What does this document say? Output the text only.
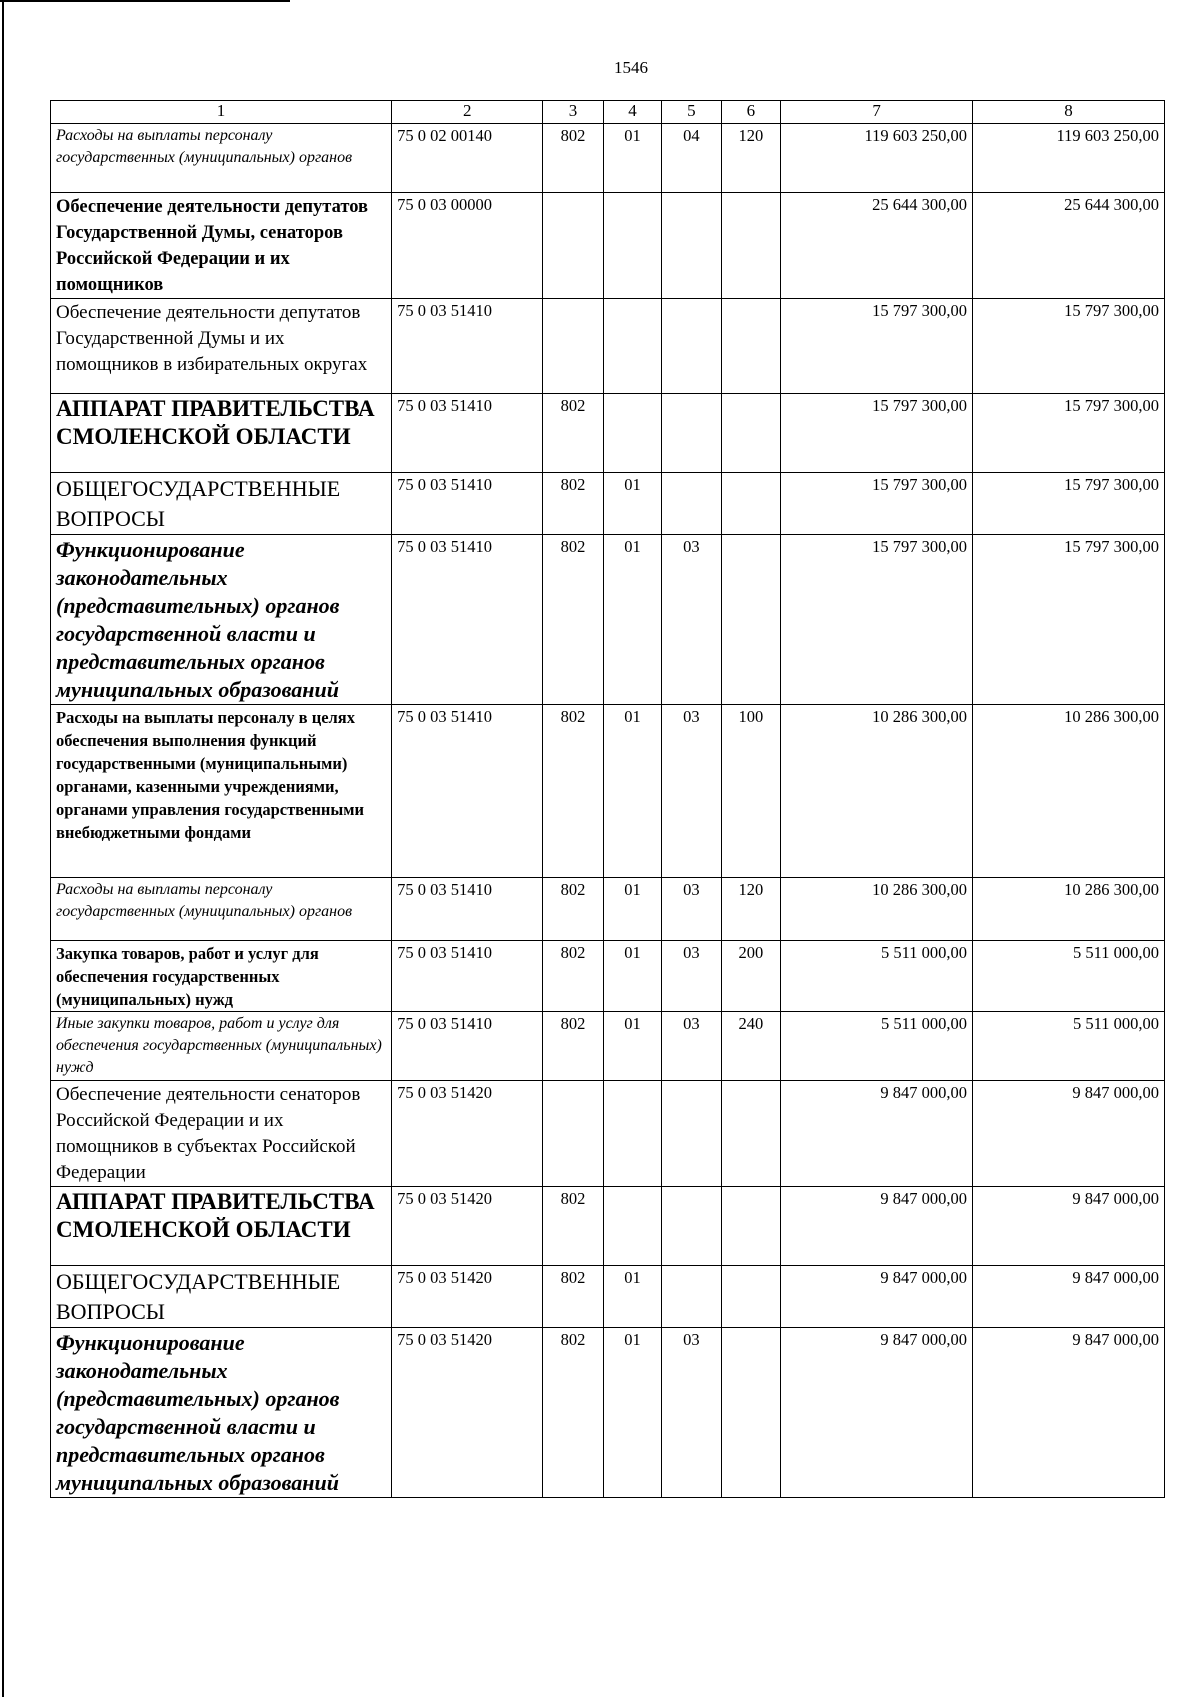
1546
1	2	3	4	5	6	7	8
Расходы на выплаты персоналу государственных (муниципальных) органов	75 0 02 00140	802	01	04	120	119 603 250,00	119 603 250,00
Обеспечение деятельности депутатов Государственной Думы, сенаторов Российской Федерации и их помощников	75 0 03 00000					25 644 300,00	25 644 300,00
Обеспечение деятельности депутатов Государственной Думы и их помощников в избирательных округах	75 0 03 51410					15 797 300,00	15 797 300,00
АППАРАТ ПРАВИТЕЛЬСТВА СМОЛЕНСКОЙ ОБЛАСТИ	75 0 03 51410	802				15 797 300,00	15 797 300,00
ОБЩЕГОСУДАРСТВЕННЫЕ ВОПРОСЫ	75 0 03 51410	802	01			15 797 300,00	15 797 300,00
Функционирование законодательных (представительных) органов государственной власти и представительных органов муниципальных образований	75 0 03 51410	802	01	03		15 797 300,00	15 797 300,00
Расходы на выплаты персоналу в целях обеспечения выполнения функций государственными (муниципальными) органами, казенными учреждениями, органами управления государственными внебюджетными фондами	75 0 03 51410	802	01	03	100	10 286 300,00	10 286 300,00
Расходы на выплаты персоналу государственных (муниципальных) органов	75 0 03 51410	802	01	03	120	10 286 300,00	10 286 300,00
Закупка товаров, работ и услуг для обеспечения государственных (муниципальных) нужд	75 0 03 51410	802	01	03	200	5 511 000,00	5 511 000,00
Иные закупки товаров, работ и услуг для обеспечения государственных (муниципальных) нужд	75 0 03 51410	802	01	03	240	5 511 000,00	5 511 000,00
Обеспечение деятельности сенаторов Российской Федерации и их помощников в субъектах Российской Федерации	75 0 03 51420					9 847 000,00	9 847 000,00
АППАРАТ ПРАВИТЕЛЬСТВА СМОЛЕНСКОЙ ОБЛАСТИ	75 0 03 51420	802				9 847 000,00	9 847 000,00
ОБЩЕГОСУДАРСТВЕННЫЕ ВОПРОСЫ	75 0 03 51420	802	01			9 847 000,00	9 847 000,00
Функционирование законодательных (представительных) органов государственной власти и представительных органов муниципальных образований	75 0 03 51420	802	01	03		9 847 000,00	9 847 000,00
